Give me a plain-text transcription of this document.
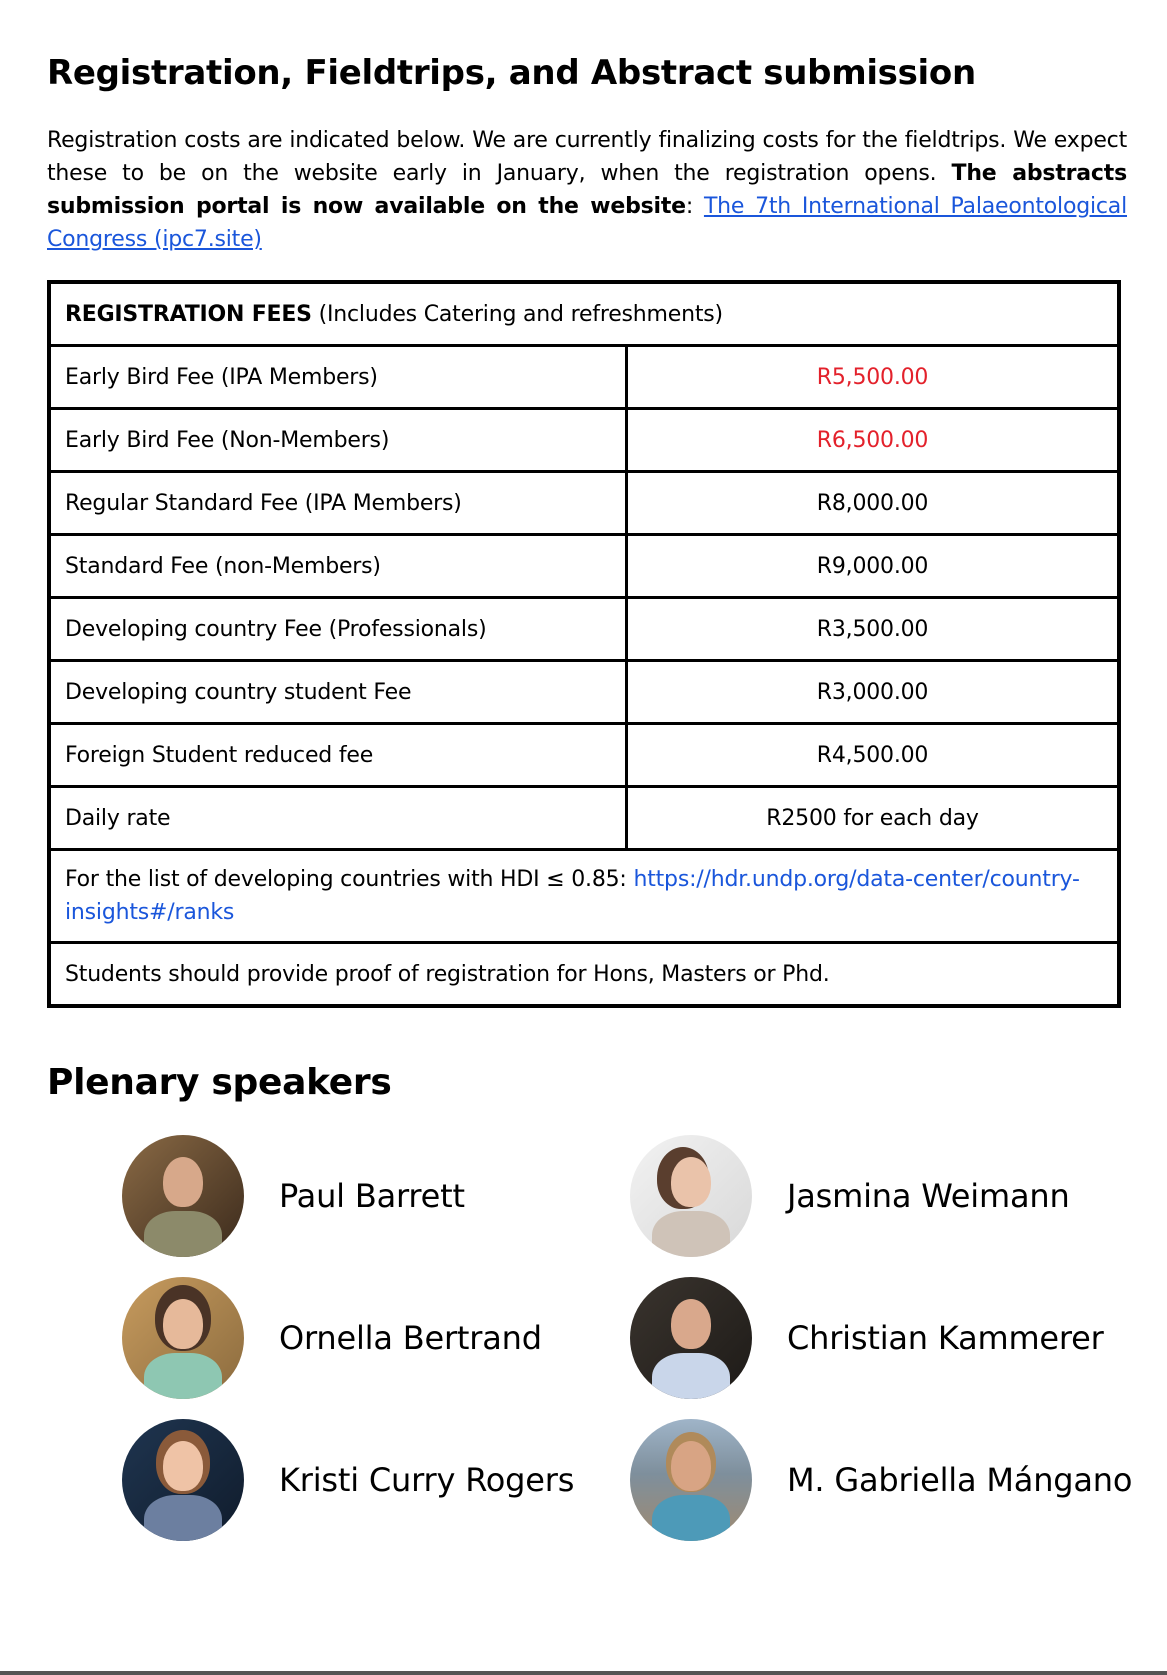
Registration, Fieldtrips, and Abstract submission

Registration costs are indicated below. We are currently finalizing costs for the fieldtrips. We expect these to be on the website early in January, when the registration opens. The abstracts submission portal is now available on the website: The 7th International Palaeontological Congress (ipc7.site)

REGISTRATION FEES (Includes Catering and refreshments)	
Early Bird Fee (IPA Members)	R5,500.00
Early Bird Fee (Non-Members)	R6,500.00
Regular Standard Fee (IPA Members)	R8,000.00
Standard Fee (non-Members)	R9,000.00
Developing country Fee (Professionals)	R3,500.00
Developing country student Fee	R3,000.00
Foreign Student reduced fee	R4,500.00
Daily rate	R2500 for each day
For the list of developing countries with HDI ≤ 0.85: https://hdr.undp.org/data-center/country-insights#/ranks	
Students should provide proof of registration for Hons, Masters or Phd.	
Plenary speakers
Paul Barrett	Jasmina Weimann
Ornella Bertrand	Christian Kammerer
Kristi Curry Rogers	M. Gabriella Mángano
